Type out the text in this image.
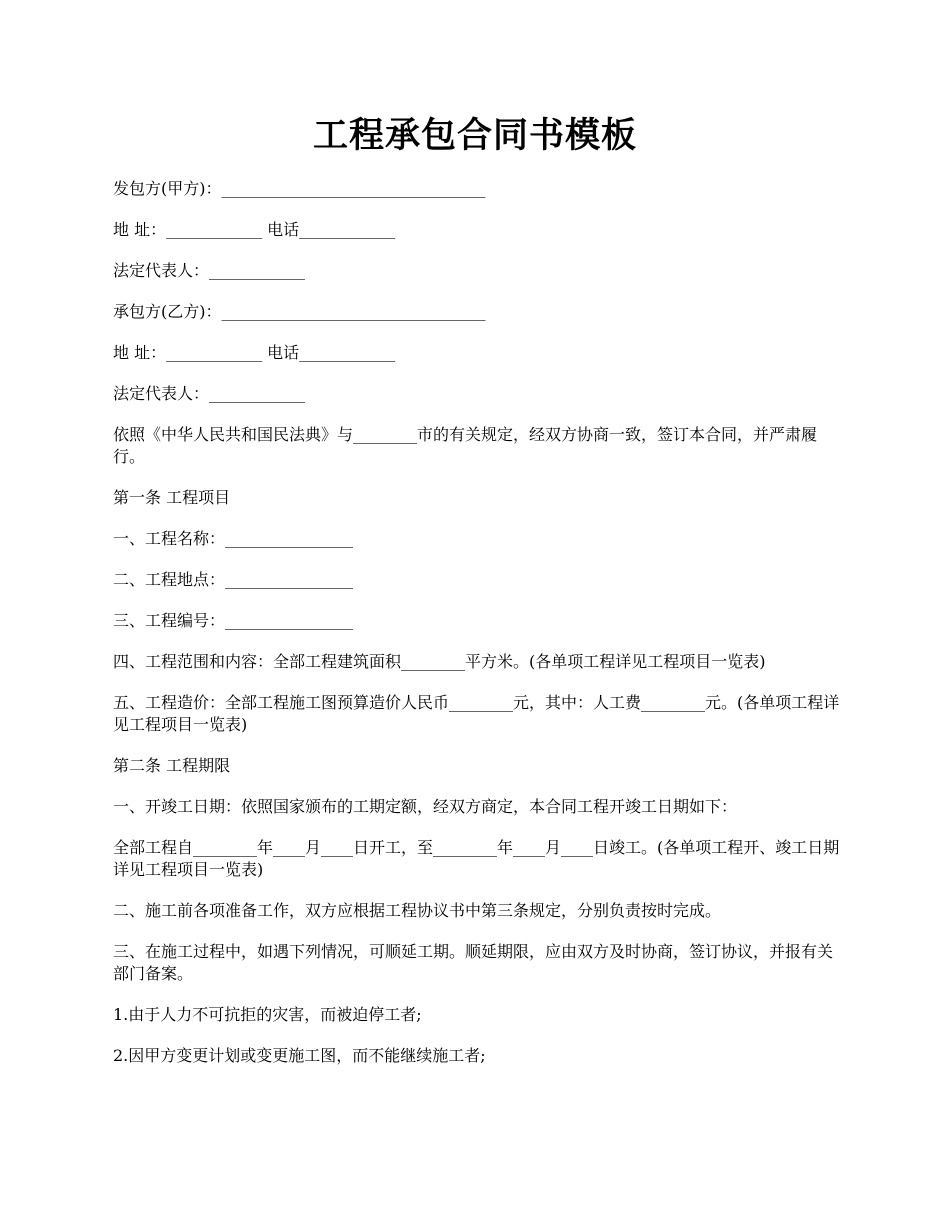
工程承包合同书模板
发包方(甲方)：_________________________________
地 址：____________ 电话____________
法定代表人：____________
承包方(乙方)：_________________________________
地 址：____________ 电话____________
法定代表人：____________
依照《中华人民共和国民法典》与________市的有关规定，经双方协商一致，签订本合同，并严肃履行。
第一条 工程项目
一、工程名称：________________
二、工程地点：________________
三、工程编号：________________
四、工程范围和内容：全部工程建筑面积________平方米。(各单项工程详见工程项目一览表)
五、工程造价：全部工程施工图预算造价人民币________元，其中：人工费________元。(各单项工程详见工程项目一览表)
第二条 工程期限
一、开竣工日期：依照国家颁布的工期定额，经双方商定，本合同工程开竣工日期如下：
全部工程自________年____月____日开工，至________年____月____日竣工。(各单项工程开、竣工日期详见工程项目一览表)
二、施工前各项准备工作，双方应根据工程协议书中第三条规定，分别负责按时完成。
三、在施工过程中，如遇下列情况，可顺延工期。顺延期限，应由双方及时协商，签订协议，并报有关部门备案。
1.由于人力不可抗拒的灾害，而被迫停工者;
2.因甲方变更计划或变更施工图，而不能继续施工者;
